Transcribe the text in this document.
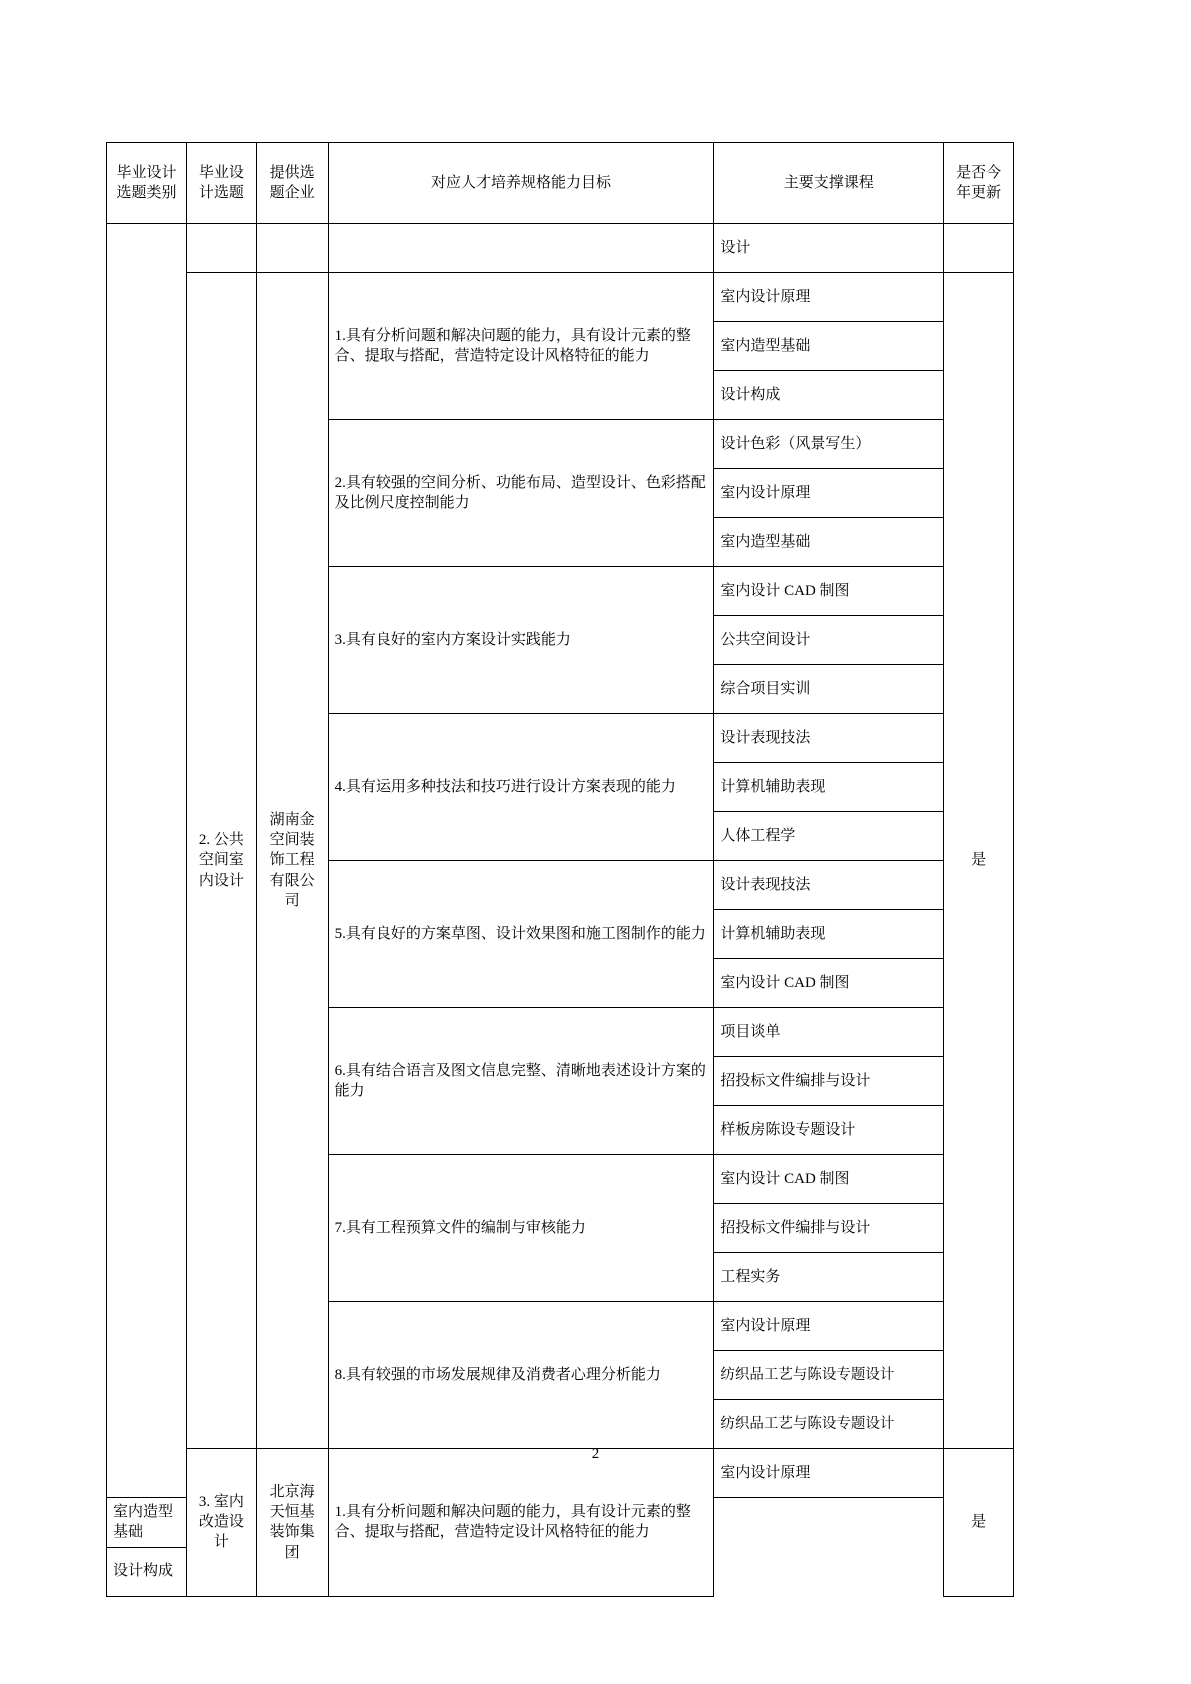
毕业设计选题类别	毕业设计选题	提供选题企业	对应人才培养规格能力目标	主要支撑课程	是否今年更新
				设计	
	2. 公共空间室内设计	湖南金空间装饰工程有限公司	1.具有分析问题和解决问题的能力，具有设计元素的整合、提取与搭配，营造特定设计风格特征的能力	室内设计原理	是
				室内造型基础	
				设计构成	
			2.具有较强的空间分析、功能布局、造型设计、色彩搭配及比例尺度控制能力	设计色彩（风景写生）	
				室内设计原理	
				室内造型基础	
			3.具有良好的室内方案设计实践能力	室内设计 CAD 制图	
				公共空间设计	
				综合项目实训	
			4.具有运用多种技法和技巧进行设计方案表现的能力	设计表现技法	
				计算机辅助表现	
				人体工程学	
			5.具有良好的方案草图、设计效果图和施工图制作的能力	设计表现技法	
				计算机辅助表现	
				室内设计 CAD 制图	
			6.具有结合语言及图文信息完整、清晰地表述设计方案的能力	项目谈单	
				招投标文件编排与设计	
				样板房陈设专题设计	
			7.具有工程预算文件的编制与审核能力	室内设计 CAD 制图	
				招投标文件编排与设计	
				工程实务	
			8.具有较强的市场发展规律及消费者心理分析能力	室内设计原理	
				纺织品工艺与陈设专题设计	
				纺织品工艺与陈设专题设计	
	3. 室内改造设计	北京海天恒基装饰集团	1.具有分析问题和解决问题的能力，具有设计元素的整合、提取与搭配，营造特定设计风格特征的能力	室内设计原理	是
室内造型基础					
设计构成					
2
